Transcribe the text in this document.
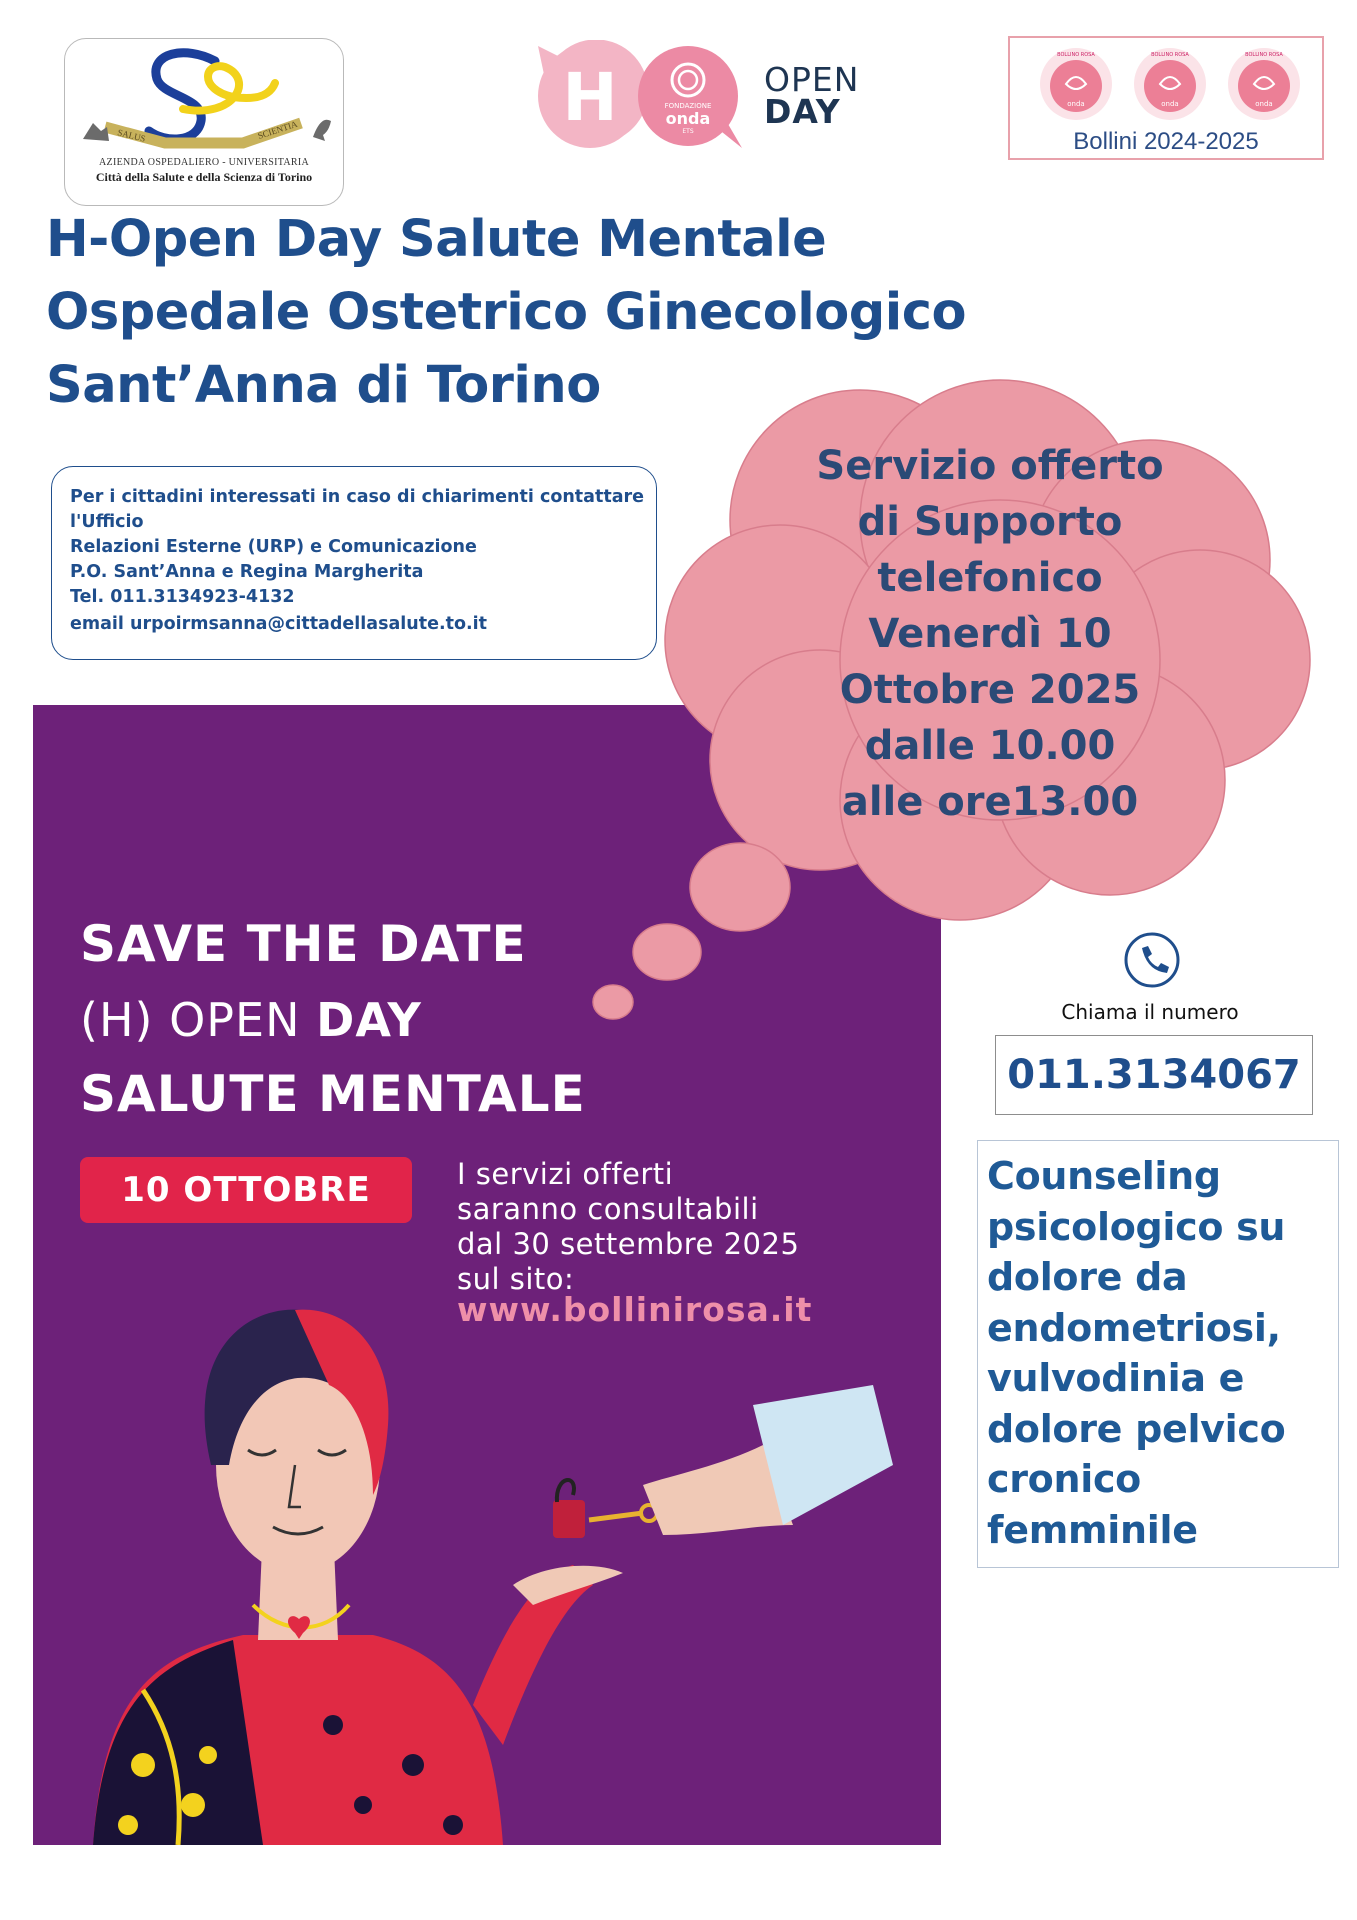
SALUS	SCIENTIA
AZIENDA OSPEDALIERO - UNIVERSITARIA
Città della Salute e della Scienza di Torino
H	FONDAZIONE
onda
ETS
OPEN
DAY	onda
BOLLINO ROSA
onda
BOLLINO ROSA
onda
BOLLINO ROSA
Bollini 2024-2025
H-Open Day Salute Mentale
Ospedale Ostetrico Ginecologico
Sant’Anna di Torino
Per i cittadini interessati in caso di chiarimenti contattare
l'Ufficio
Relazioni Esterne (URP) e Comunicazione
P.O. Sant’Anna e Regina Margherita
Tel. 011.3134923-4132
email urpoirmsanna@cittadellasalute.to.it
SAVE THE DATE
(H) OPEN DAY
SALUTE MENTALE
10 OTTOBRE	I servizi offerti
saranno consultabili
dal 30 settembre 2025
sul sito:
www.bollinirosa.it
Servizio offerto
di Supporto
telefonico
Venerdì 10
Ottobre 2025
dalle 10.00
alle ore13.00
Chiama il numero
011.3134067
Counseling
psicologico su
dolore da
endometriosi,
vulvodinia e
dolore pelvico
cronico
femminile
